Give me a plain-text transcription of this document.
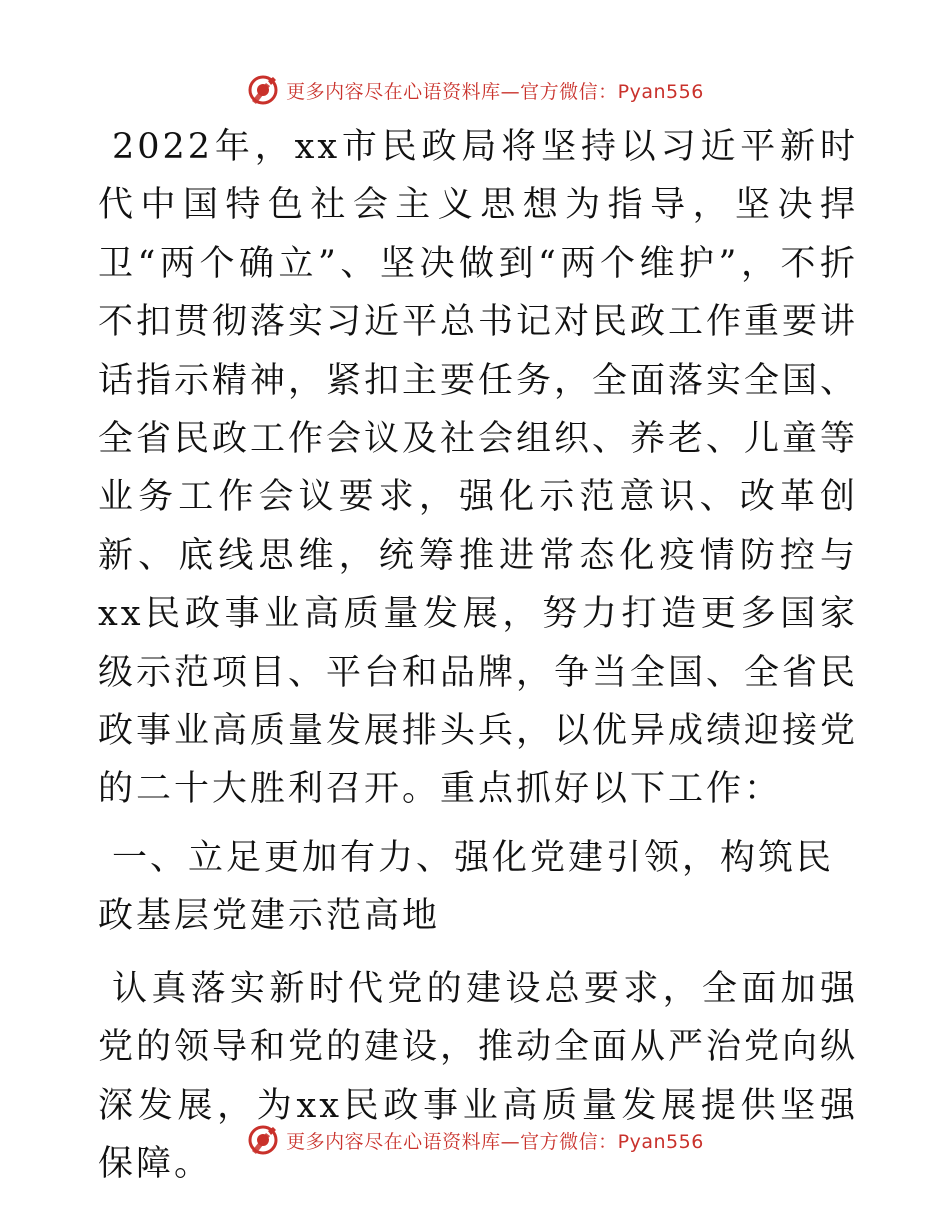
更多内容尽在心语资料库—官方微信：Pyan556

2022年，xx市民政局将坚持以习近平新时代中国特色社会主义思想为指导，坚决捍卫“两个确立”、坚决做到“两个维护”，不折不扣贯彻落实习近平总书记对民政工作重要讲话指示精神，紧扣主要任务，全面落实全国、全省民政工作会议及社会组织、养老、儿童等业务工作会议要求，强化示范意识、改革创新、底线思维，统筹推进常态化疫情防控与xx民政事业高质量发展，努力打造更多国家级示范项目、平台和品牌，争当全国、全省民政事业高质量发展排头兵，以优异成绩迎接党的二十大胜利召开。重点抓好以下工作：

一、立足更加有力、强化党建引领，构筑民政基层党建示范高地

认真落实新时代党的建设总要求，全面加强党的领导和党的建设，推动全面从严治党向纵深发展，为xx民政事业高质量发展提供坚强保障。

更多内容尽在心语资料库—官方微信：Pyan556
